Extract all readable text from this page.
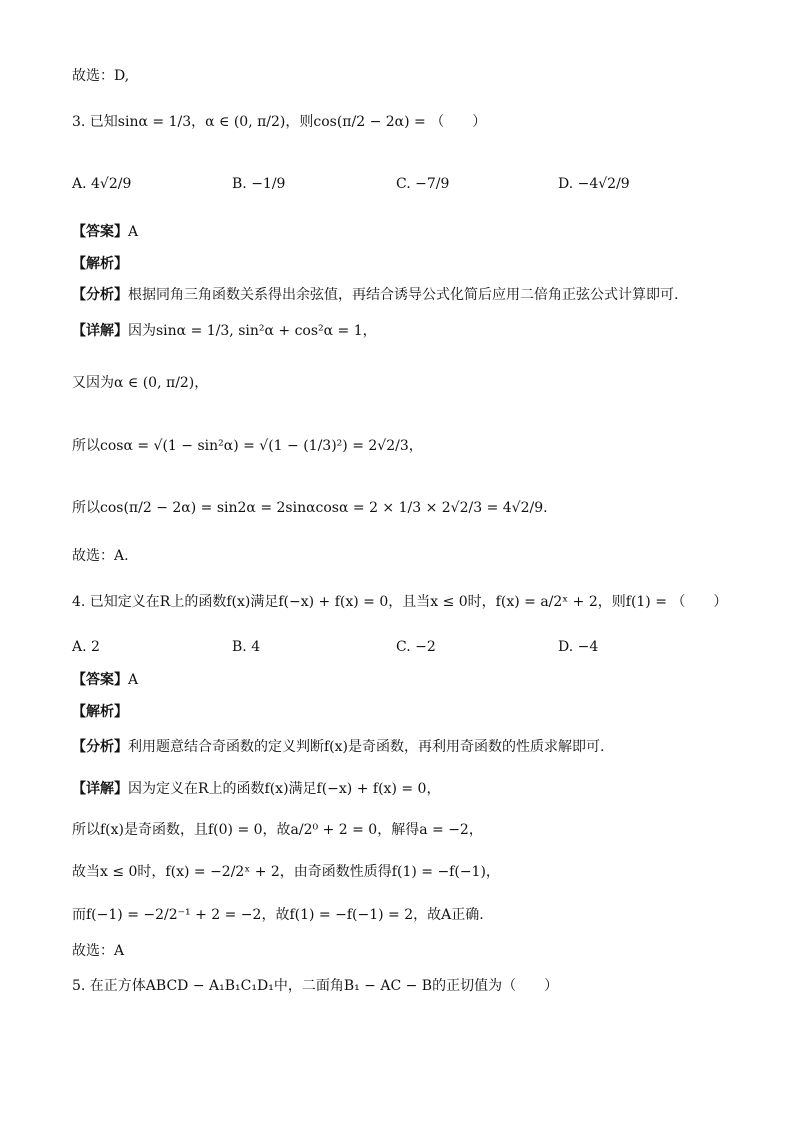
故选：D,
3. 已知sinα = 1/3，α ∈ (0, π/2)，则cos(π/2 − 2α) = （　　）
A. 4√2/9	B. −1/9	C. −7/9	D. −4√2/9
【答案】A
【解析】
【分析】根据同角三角函数关系得出余弦值，再结合诱导公式化简后应用二倍角正弦公式计算即可.
【详解】因为sinα = 1/3, sin²α + cos²α = 1，
又因为α ∈ (0, π/2)，
所以cosα = √(1 − sin²α) = √(1 − (1/3)²) = 2√2/3，
所以cos(π/2 − 2α) = sin2α = 2sinαcosα = 2 × 1/3 × 2√2/3 = 4√2/9.
故选：A.
4. 已知定义在R上的函数f(x)满足f(−x) + f(x) = 0，且当x ≤ 0时，f(x) = a/2ˣ + 2，则f(1) = （　　）
A. 2	B. 4	C. −2	D. −4
【答案】A
【解析】
【分析】利用题意结合奇函数的定义判断f(x)是奇函数，再利用奇函数的性质求解即可.
【详解】因为定义在R上的函数f(x)满足f(−x) + f(x) = 0，
所以f(x)是奇函数，且f(0) = 0，故a/2⁰ + 2 = 0，解得a = −2，
故当x ≤ 0时，f(x) = −2/2ˣ + 2，由奇函数性质得f(1) = −f(−1)，
而f(−1) = −2/2⁻¹ + 2 = −2，故f(1) = −f(−1) = 2，故A正确.
故选：A
5. 在正方体ABCD − A₁B₁C₁D₁中，二面角B₁ − AC − B的正切值为（　　）
